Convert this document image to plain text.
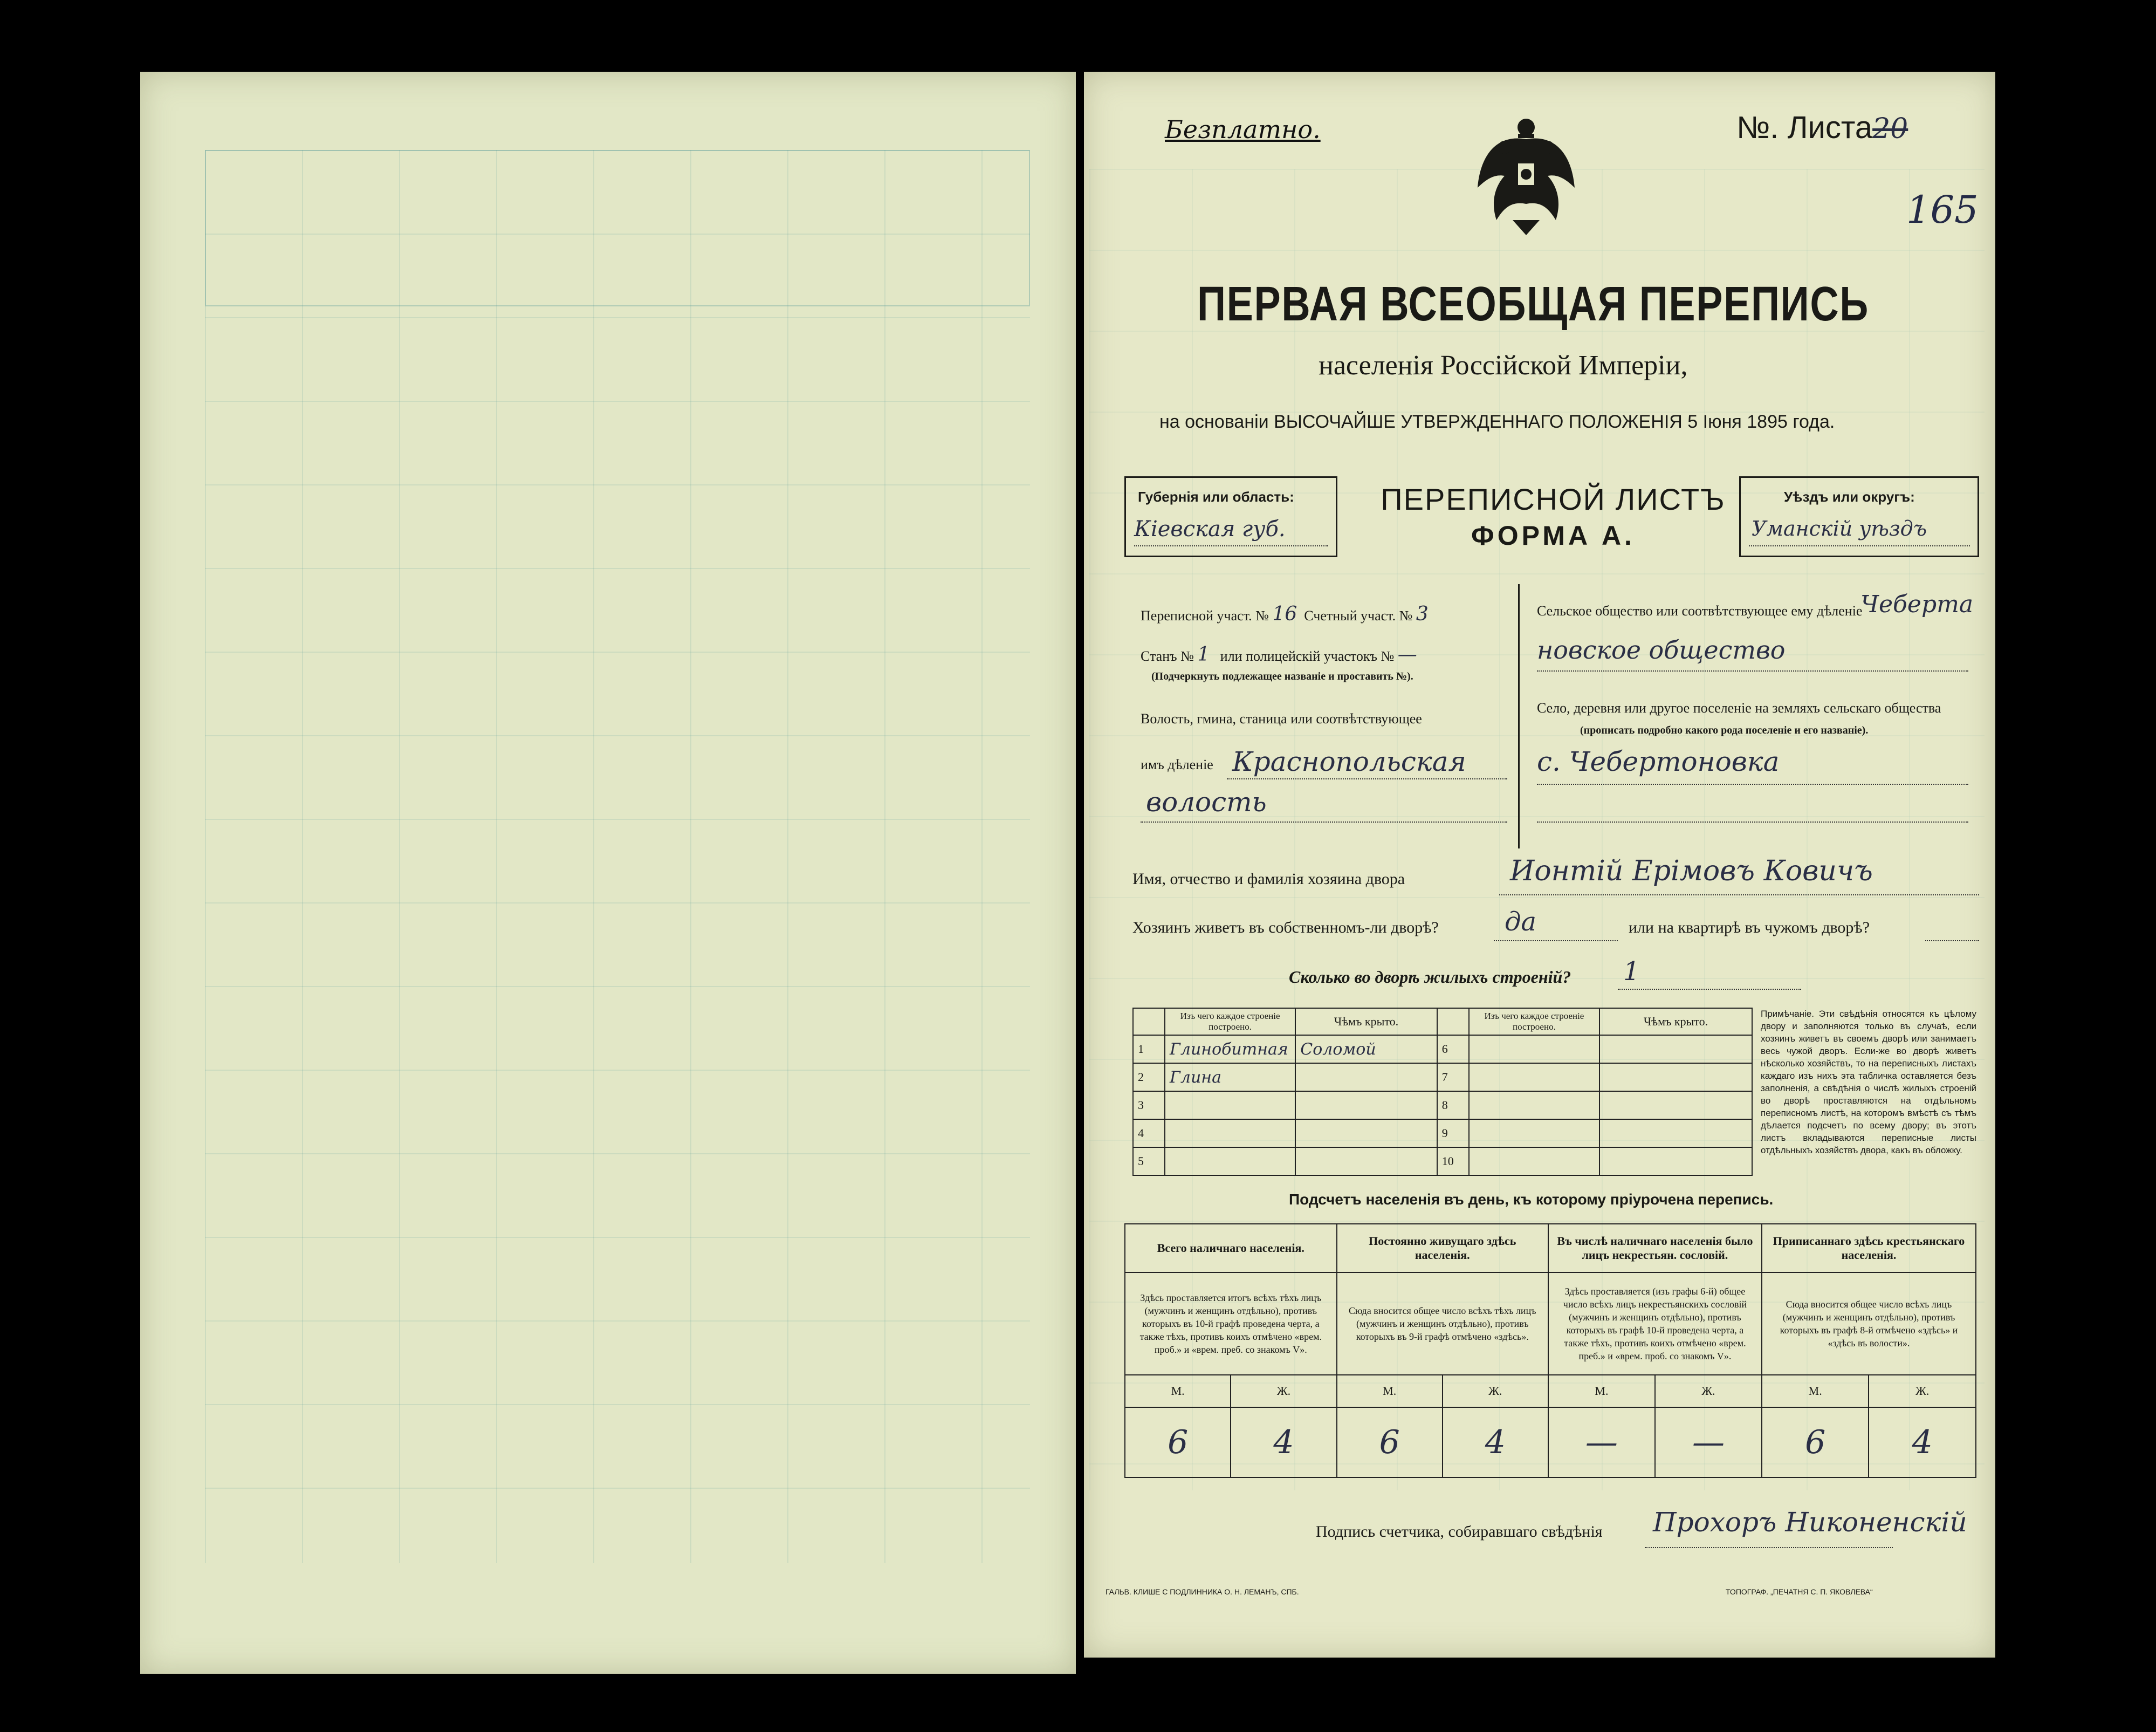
Безплатно.	№. Листа20
165
ПЕРВАЯ ВСЕОБЩАЯ ПЕРЕПИСЬ
населенія Россійской Имперіи,
на основаніи ВЫСОЧАЙШЕ УТВЕРЖДЕННАГО ПОЛОЖЕНІЯ 5 Іюня 1895 года.
Губернія или область:
Кіевская губ.
ПЕРЕПИСНОЙ ЛИСТЪ
ФОРМА А.
Уѣздъ или округъ:
Уманскій уѣздъ
Переписной участ. № 16 Счетный участ. № 3
Станъ № 1 или полицейскій участокъ № —
(Подчеркнуть подлежащее названіе и проставить №).
Волость, гмина, станица или соотвѣтствующее
имъ дѣленіе Краснопольская
волость
Сельское общество или соотвѣтствующее ему дѣленіе
Чеберта
новское общество
Село, деревня или другое поселеніе на земляхъ сельскаго общества
(прописать подробно какого рода поселеніе и его названіе).
с. Чебертоновка
Имя, отчество и фамилія хозяина двора	Ионтій Ерімовъ Ковичъ
Хозяинъ живетъ въ собственномъ-ли дворѣ?	да	или на квартирѣ въ чужомъ дворѣ?
Сколько во дворѣ жилыхъ строеній? 1
	Изъ чего каждое строеніе построено.	Чѣмъ крыто.		Изъ чего каждое строеніе построено.	Чѣмъ крыто.
1	Глинобитная	Соломой	6		
2	Глина		7		
3			8		
4			9		
5			10		
Примѣчаніе. Эти свѣдѣнія относятся къ цѣлому двору и заполняются только въ случаѣ, если хозяинъ живетъ въ своемъ дворѣ или занимаетъ весь чужой дворъ. Если-же во дворѣ живетъ нѣсколько хозяйствъ, то на переписныхъ листахъ каждаго изъ нихъ эта табличка оставляется безъ заполненія, а свѣдѣнія о числѣ жилыхъ строеній во дворѣ проставляются на отдѣльномъ переписномъ листѣ, на которомъ вмѣстѣ съ тѣмъ дѣлается подсчетъ по всему двору; въ этотъ листъ вкладываются переписные листы отдѣльныхъ хозяйствъ двора, какъ въ обложку.
Подсчетъ населенія въ день, къ которому пріурочена перепись.
Всего наличнаго населенія.		Постоянно живущаго здѣсь населенія.		Въ числѣ наличнаго населенія было лицъ некрестьян. сословій.		Приписаннаго здѣсь крестьянскаго населенія.	
Здѣсь проставляется итогъ всѣхъ тѣхъ лицъ (мужчинъ и женщинъ отдѣльно), противъ которыхъ въ 10-й графѣ проведена черта, а также тѣхъ, противъ коихъ отмѣчено «врем. проб.» и «врем. преб. со знакомъ V».		Сюда вносится общее число всѣхъ тѣхъ лицъ (мужчинъ и женщинъ отдѣльно), противъ которыхъ въ 9-й графѣ отмѣчено «здѣсь».		Здѣсь проставляется (изъ графы 6-й) общее число всѣхъ лицъ некрестьянскихъ сословій (мужчинъ и женщинъ отдѣльно), противъ которыхъ въ графѣ 10-й проведена черта, а также тѣхъ, противъ коихъ отмѣчено «врем. преб.» и «врем. проб. со знакомъ V».		Сюда вносится общее число всѣхъ лицъ (мужчинъ и женщинъ отдѣльно), противъ которыхъ въ графѣ 8-й отмѣчено «здѣсь» и «здѣсь въ волости».	
М.	Ж.	М.	Ж.	М.	Ж.	М.	Ж.
6	4	6	4	—	—	6	4
Подпись счетчика, собиравшаго свѣдѣнія Прохоръ Никоненскій
ГАЛЬВ. КЛИШЕ С ПОДЛИННИКА О. Н. ЛЕМАНЪ, СПБ.	ТОПОГРАФ. „ПЕЧАТНЯ С. П. ЯКОВЛЕВА“
